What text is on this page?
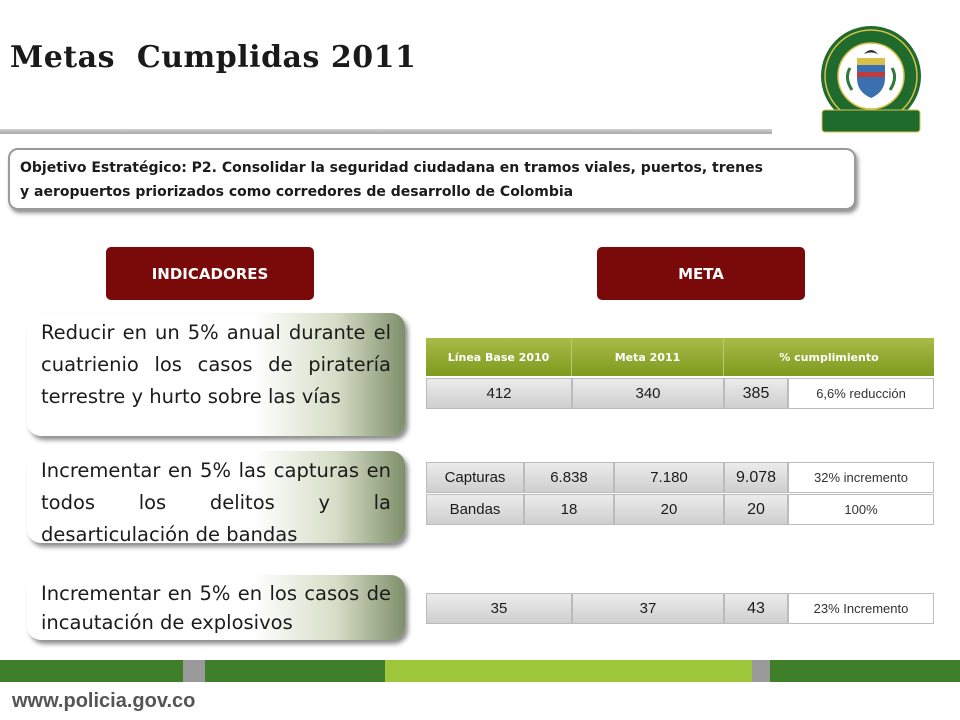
Metas  Cumplidas 2011
Objetivo Estratégico: P2. Consolidar la seguridad ciudadana en tramos viales, puertos, trenes
y aeropuertos priorizados como corredores de desarrollo de Colombia
INDICADORES	META
Reducir en un 5% anual durante el cuatrienio los casos de piratería terrestre y hurto sobre las vías
Incrementar en 5% las capturas en todos los delitos y la desarticulación de bandas
Incrementar en 5% en los casos de incautación de explosivos
Línea Base 2010	Meta 2011	% cumplimiento
412	340	385	6,6% reducción
Capturas	6.838	7.180	9.078	32% incremento
Bandas	18	20	20	100%
35	37	43	23% Incremento
www.policia.gov.co
